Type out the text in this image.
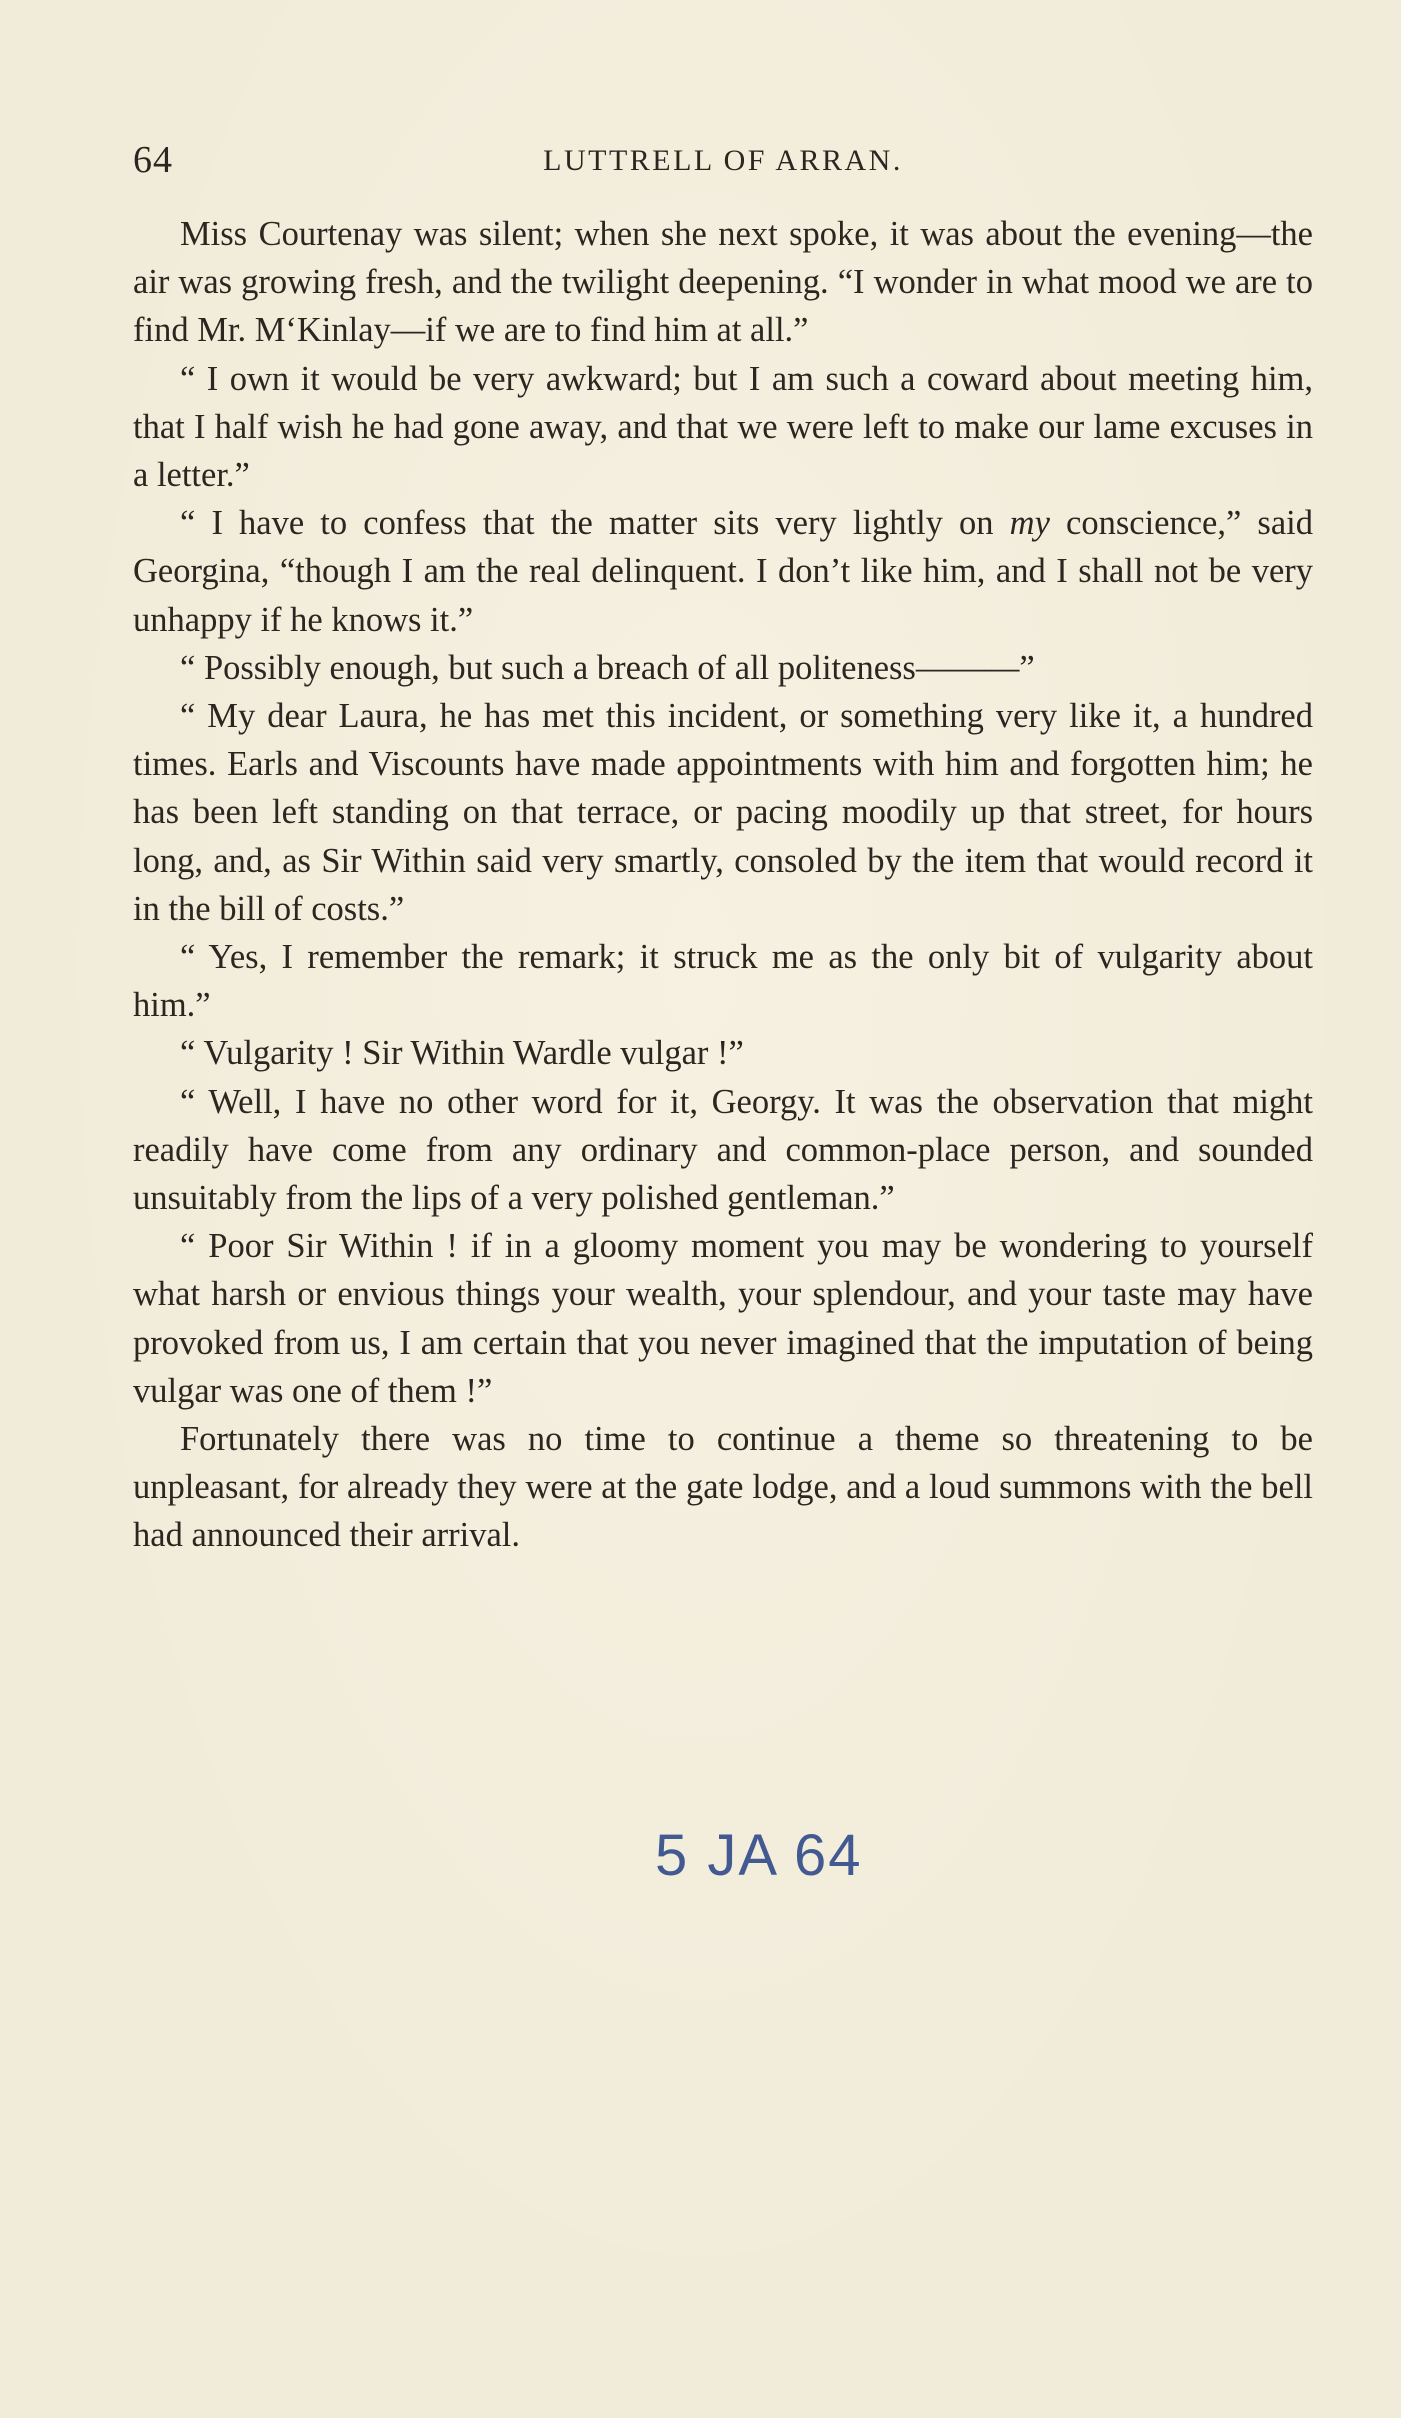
64	LUTTRELL OF ARRAN.

Miss Courtenay was silent; when she next spoke, it was about the evening—the air was growing fresh, and the twilight deepening. “I wonder in what mood we are to find Mr. M‘Kinlay—if we are to find him at all.”

“ I own it would be very awkward; but I am such a coward about meeting him, that I half wish he had gone away, and that we were left to make our lame excuses in a letter.”

“ I have to confess that the matter sits very lightly on my conscience,” said Georgina, “though I am the real delinquent. I don’t like him, and I shall not be very unhappy if he knows it.”

“ Possibly enough, but such a breach of all politeness———”

“ My dear Laura, he has met this incident, or something very like it, a hundred times. Earls and Viscounts have made appointments with him and forgotten him; he has been left standing on that terrace, or pacing moodily up that street, for hours long, and, as Sir Within said very smartly, consoled by the item that would record it in the bill of costs.”

“ Yes, I remember the remark; it struck me as the only bit of vulgarity about him.”

“ Vulgarity ! Sir Within Wardle vulgar !”

“ Well, I have no other word for it, Georgy. It was the observation that might readily have come from any ordinary and common-place person, and sounded unsuitably from the lips of a very polished gentleman.”

“ Poor Sir Within ! if in a gloomy moment you may be wondering to yourself what harsh or envious things your wealth, your splendour, and your taste may have provoked from us, I am certain that you never imagined that the imputation of being vulgar was one of them !”

Fortunately there was no time to continue a theme so threatening to be unpleasant, for already they were at the gate lodge, and a loud summons with the bell had announced their arrival.

5 JA 64
